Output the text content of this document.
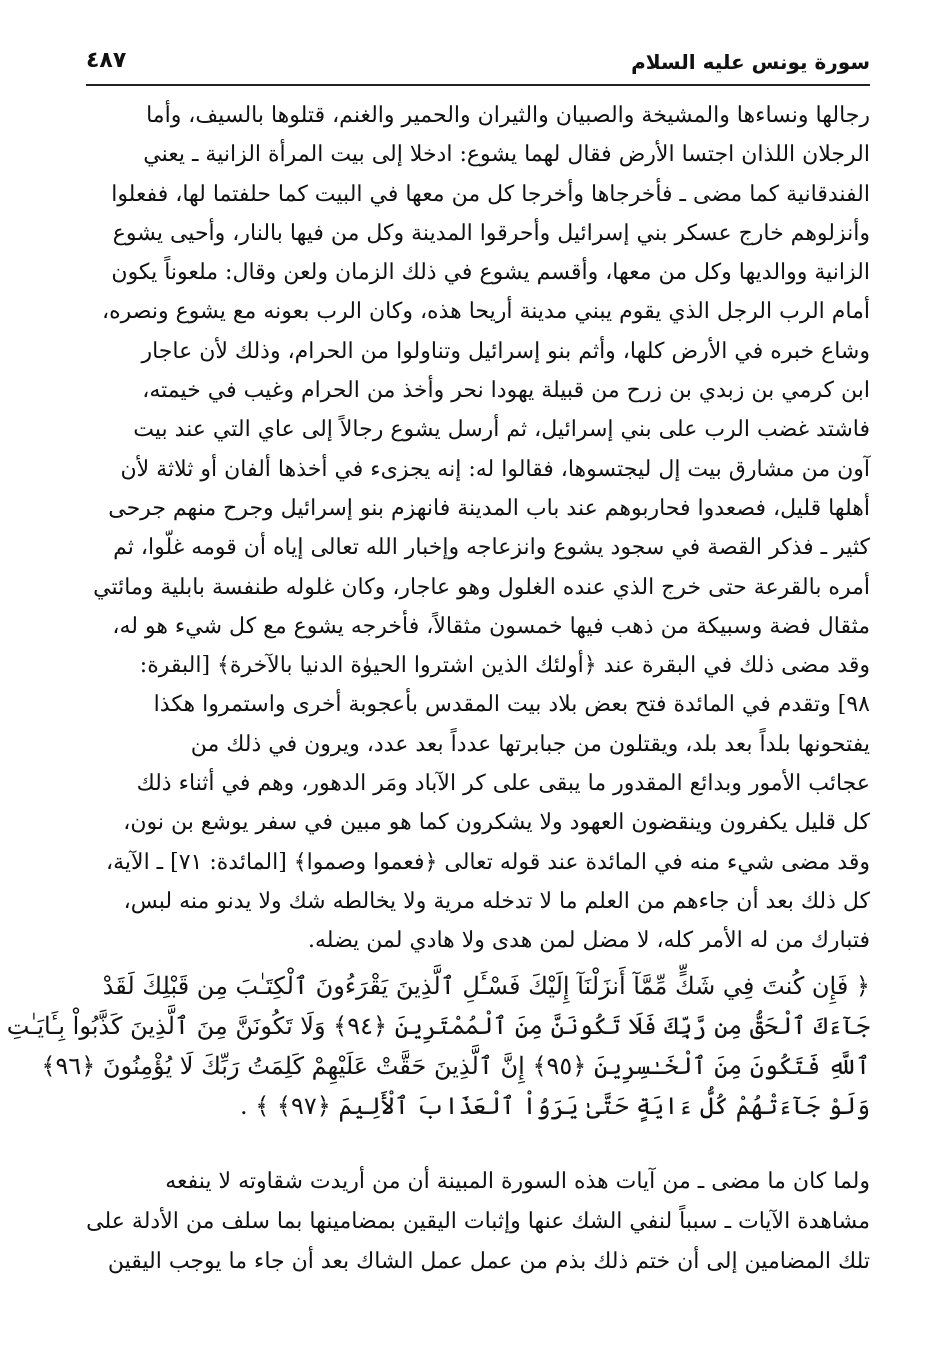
سورة يونس عليه السلام
٤٨٧
رجالها ونساءها والمشيخة والصبيان والثيران والحمير والغنم، قتلوها بالسيف، وأما
الرجلان اللذان اجتسا الأرض فقال لهما يشوع: ادخلا إلى بيت المرأة الزانية ـ يعني
الفندقانية كما مضى ـ فأخرجاها وأخرجا كل من معها في البيت كما حلفتما لها، ففعلوا
وأنزلوهم خارج عسكر بني إسرائيل وأحرقوا المدينة وكل من فيها بالنار، وأحيى يشوع
الزانية ووالديها وكل من معها، وأقسم يشوع في ذلك الزمان ولعن وقال: ملعوناً يكون
أمام الرب الرجل الذي يقوم يبني مدينة أريحا هذه، وكان الرب بعونه مع يشوع ونصره،
وشاع خبره في الأرض كلها، وأثم بنو إسرائيل وتناولوا من الحرام، وذلك لأن عاجار
ابن كرمي بن زبدي بن زرح من قبيلة يهودا نحر وأخذ من الحرام وغيب في خيمته،
فاشتد غضب الرب على بني إسرائيل، ثم أرسل يشوع رجالاً إلى عاي التي عند بيت
آون من مشارق بيت إل ليجتسوها، فقالوا له: إنه يجزىء في أخذها ألفان أو ثلاثة لأن
أهلها قليل، فصعدوا فحاربوهم عند باب المدينة فانهزم بنو إسرائيل وجرح منهم جرحى
كثير ـ فذكر القصة في سجود يشوع وانزعاجه وإخبار الله تعالى إياه أن قومه غلّوا، ثم
أمره بالقرعة حتى خرج الذي عنده الغلول وهو عاجار، وكان غلوله طنفسة بابلية ومائتي
مثقال فضة وسبيكة من ذهب فيها خمسون مثقالاً، فأخرجه يشوع مع كل شيء هو له،
وقد مضى ذلك في البقرة عند ﴿أولئك الذين اشتروا الحيوٰة الدنيا بالآخرة﴾ [البقرة:
٩٨] وتقدم في المائدة فتح بعض بلاد بيت المقدس بأعجوبة أخرى واستمروا هكذا
يفتحونها بلداً بعد بلد، ويقتلون من جبابرتها عدداً بعد عدد، ويرون في ذلك من
عجائب الأمور وبدائع المقدور ما يبقى على كر الآباد ومَر الدهور، وهم في أثناء ذلك
كل قليل يكفرون وينقضون العهود ولا يشكرون كما هو مبين في سفر يوشع بن نون،
وقد مضى شيء منه في المائدة عند قوله تعالى ﴿فعموا وصموا﴾ [المائدة: ٧١] ـ الآية،
كل ذلك بعد أن جاءهم من العلم ما لا تدخله مرية ولا يخالطه شك ولا يدنو منه لبس،
فتبارك من له الأمر كله، لا مضل لمن هدى ولا هادي لمن يضله.
﴿ فَإِن كُنتَ فِي شَكٍّ مِّمَّآ أَنزَلْنَآ إِلَيْكَ فَسْـَٔلِ ٱلَّذِينَ يَقْرَءُونَ ٱلْكِتَـٰبَ مِن قَبْلِكَ لَقَدْ
جَآءَكَ ٱلْحَقُّ مِن رَّبِّكَ فَلَا تَكُونَنَّ مِنَ ٱلْمُمْتَرِينَ ﴿٩٤﴾ وَلَا تَكُونَنَّ مِنَ ٱلَّذِينَ كَذَّبُواْ بِـَٔايَـٰتِ
ٱللَّهِ فَتَكُونَ مِنَ ٱلْخَـٰسِرِينَ ﴿٩٥﴾ إِنَّ ٱلَّذِينَ حَقَّتْ عَلَيْهِمْ كَلِمَتُ رَبِّكَ لَا يُؤْمِنُونَ ﴿٩٦﴾
وَلَوْ جَآءَتْهُمْ كُلُّ ءَايَةٍ حَتَّىٰ يَرَوُاْ ٱلْعَذَابَ ٱلْأَلِيمَ ﴿٩٧﴾ ﴾ .
ولما كان ما مضى ـ من آيات هذه السورة المبينة أن من أريدت شقاوته لا ينفعه
مشاهدة الآيات ـ سبباً لنفي الشك عنها وإثبات اليقين بمضامينها بما سلف من الأدلة على
تلك المضامين إلى أن ختم ذلك بذم من عمل عمل الشاك بعد أن جاء ما يوجب اليقين
